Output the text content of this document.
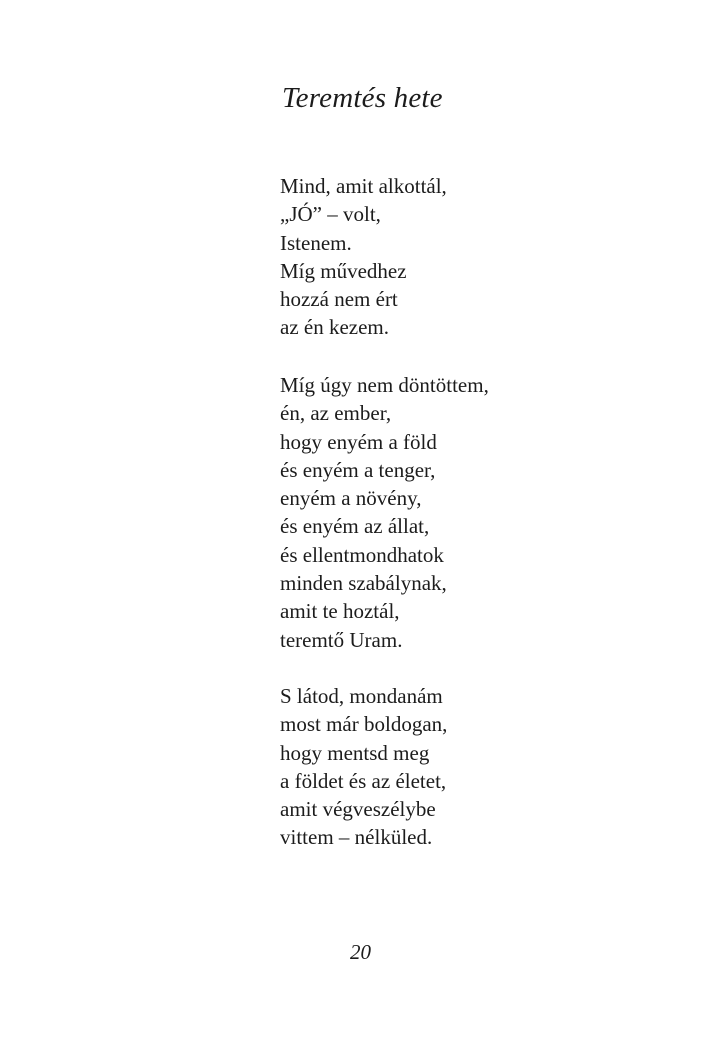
Teremtés hete
Mind, amit alkottál,
„JÓ” – volt,
Istenem.
Míg művedhez
hozzá nem ért
az én kezem.
Míg úgy nem döntöttem,
én, az ember,
hogy enyém a föld
és enyém a tenger,
enyém a növény,
és enyém az állat,
és ellentmondhatok
minden szabálynak,
amit te hoztál,
teremtő Uram.
S látod, mondanám
most már boldogan,
hogy mentsd meg
a földet és az életet,
amit végveszélybe
vittem – nélküled.

20
